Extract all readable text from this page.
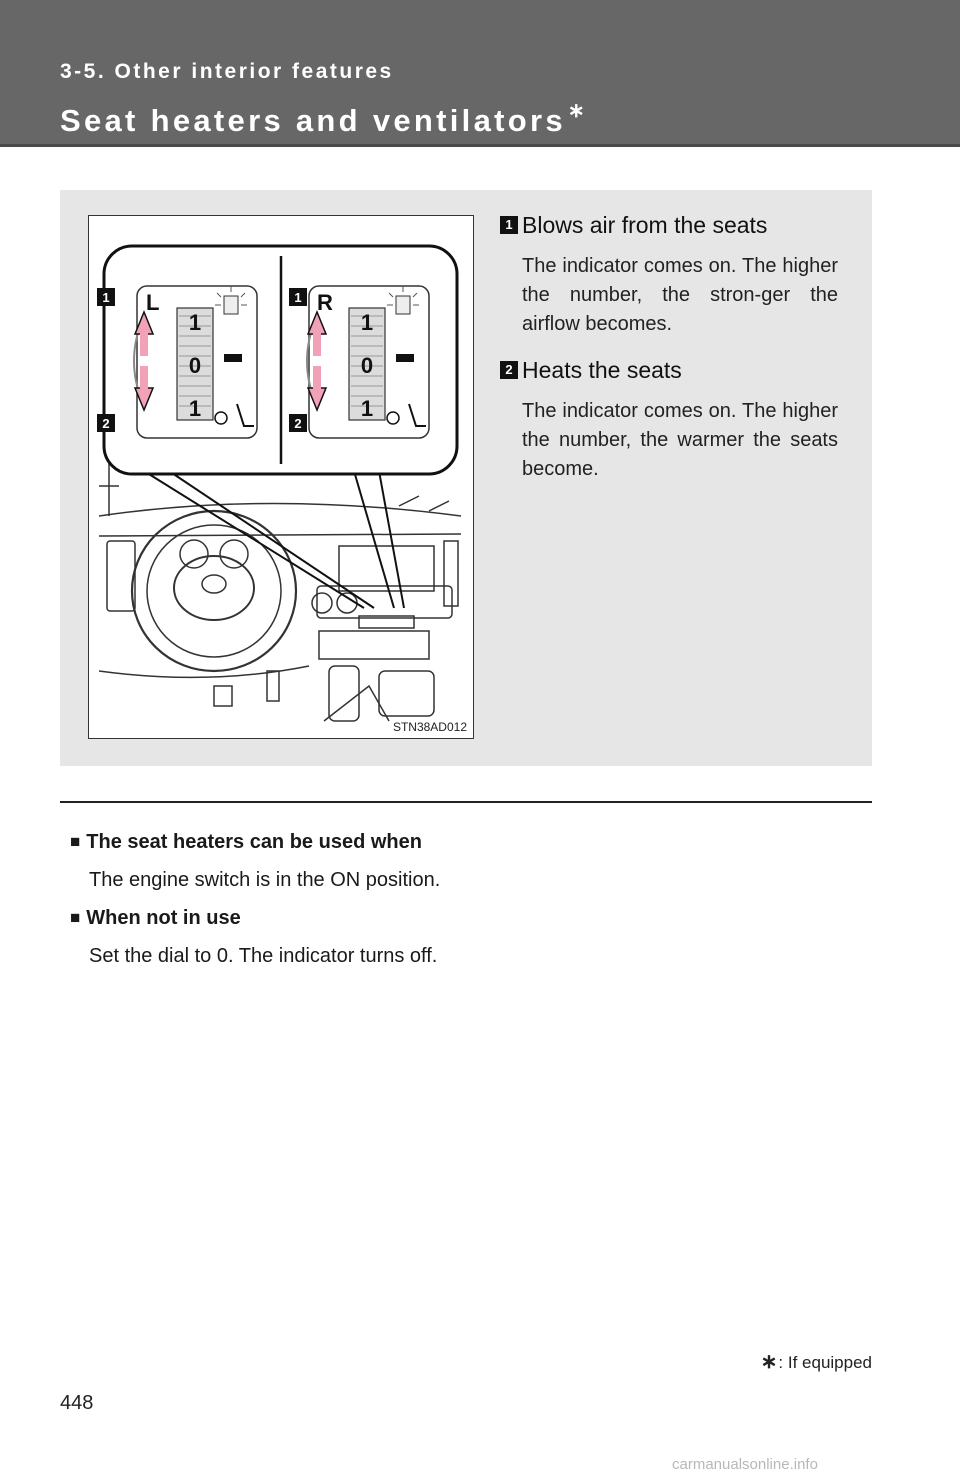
3-5. Other interior features
Seat heaters and ventilators ∗
1
2
L
1
0
1
1
2
R
1
0
1
STN38AD012
1 Blows air from the seats
The indicator comes on. The higher the number, the stron-ger the airflow becomes.
2 Heats the seats
The indicator comes on. The higher the number, the warmer the seats become.
■ The seat heaters can be used when
The engine switch is in the ON position.
■ When not in use
Set the dial to 0. The indicator turns off.
∗: If equipped
448
carmanualsonline.info
